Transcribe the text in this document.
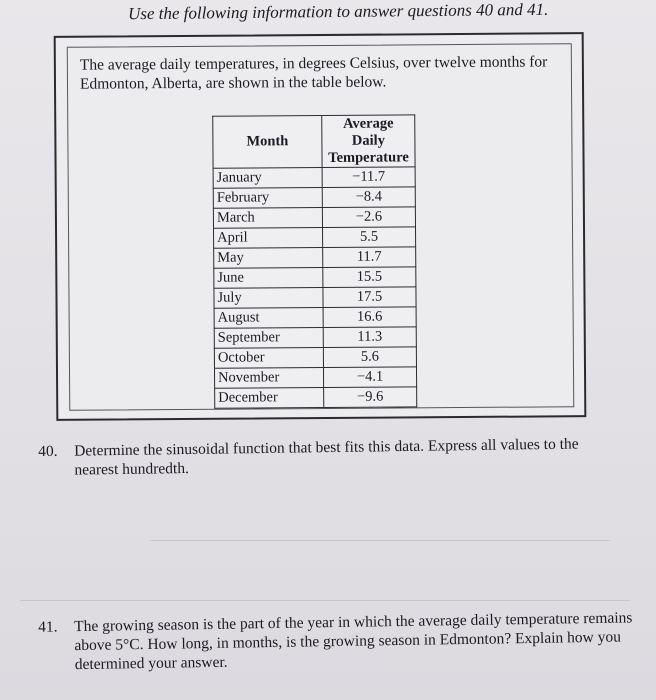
Use the following information to answer questions 40 and 41.
The average daily temperatures, in degrees Celsius, over twelve months for Edmonton, Alberta, are shown in the table below.
Month	Average Daily Temperature
January	−11.7
February	−8.4
March	−2.6
April	5.5
May	11.7
June	15.5
July	17.5
August	16.6
September	11.3
October	5.6
November	−4.1
December	−9.6
40. Determine the sinusoidal function that best fits this data. Express all values to the nearest hundredth.
41. The growing season is the part of the year in which the average daily temperature remains above 5°C. How long, in months, is the growing season in Edmonton? Explain how you determined your answer.
